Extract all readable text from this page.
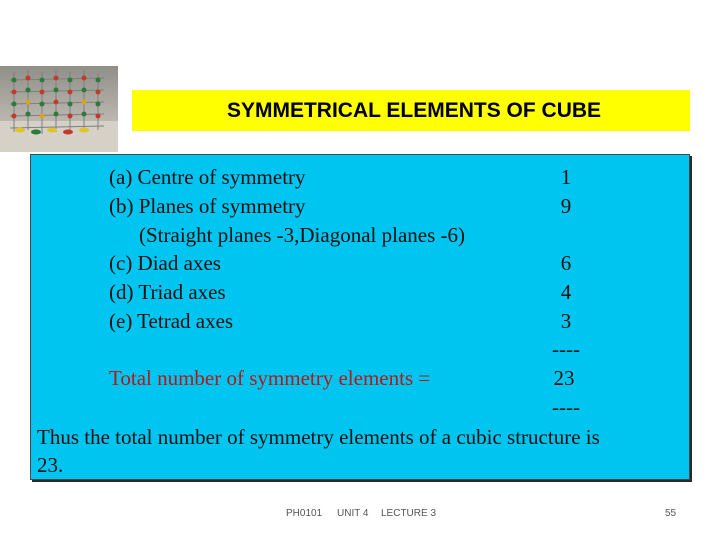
SYMMETRICAL ELEMENTS OF CUBE
(a) Centre of symmetry	1
(b) Planes of symmetry	9
(Straight planes -3,Diagonal planes -6)
(c) Diad axes	6
(d) Triad axes	4
(e) Tetrad axes	3
----
Total number of symmetry elements =	23
----
Thus the total number of symmetry elements of a cubic structure is
23.
PH0101 UNIT 4 LECTURE 3	55
